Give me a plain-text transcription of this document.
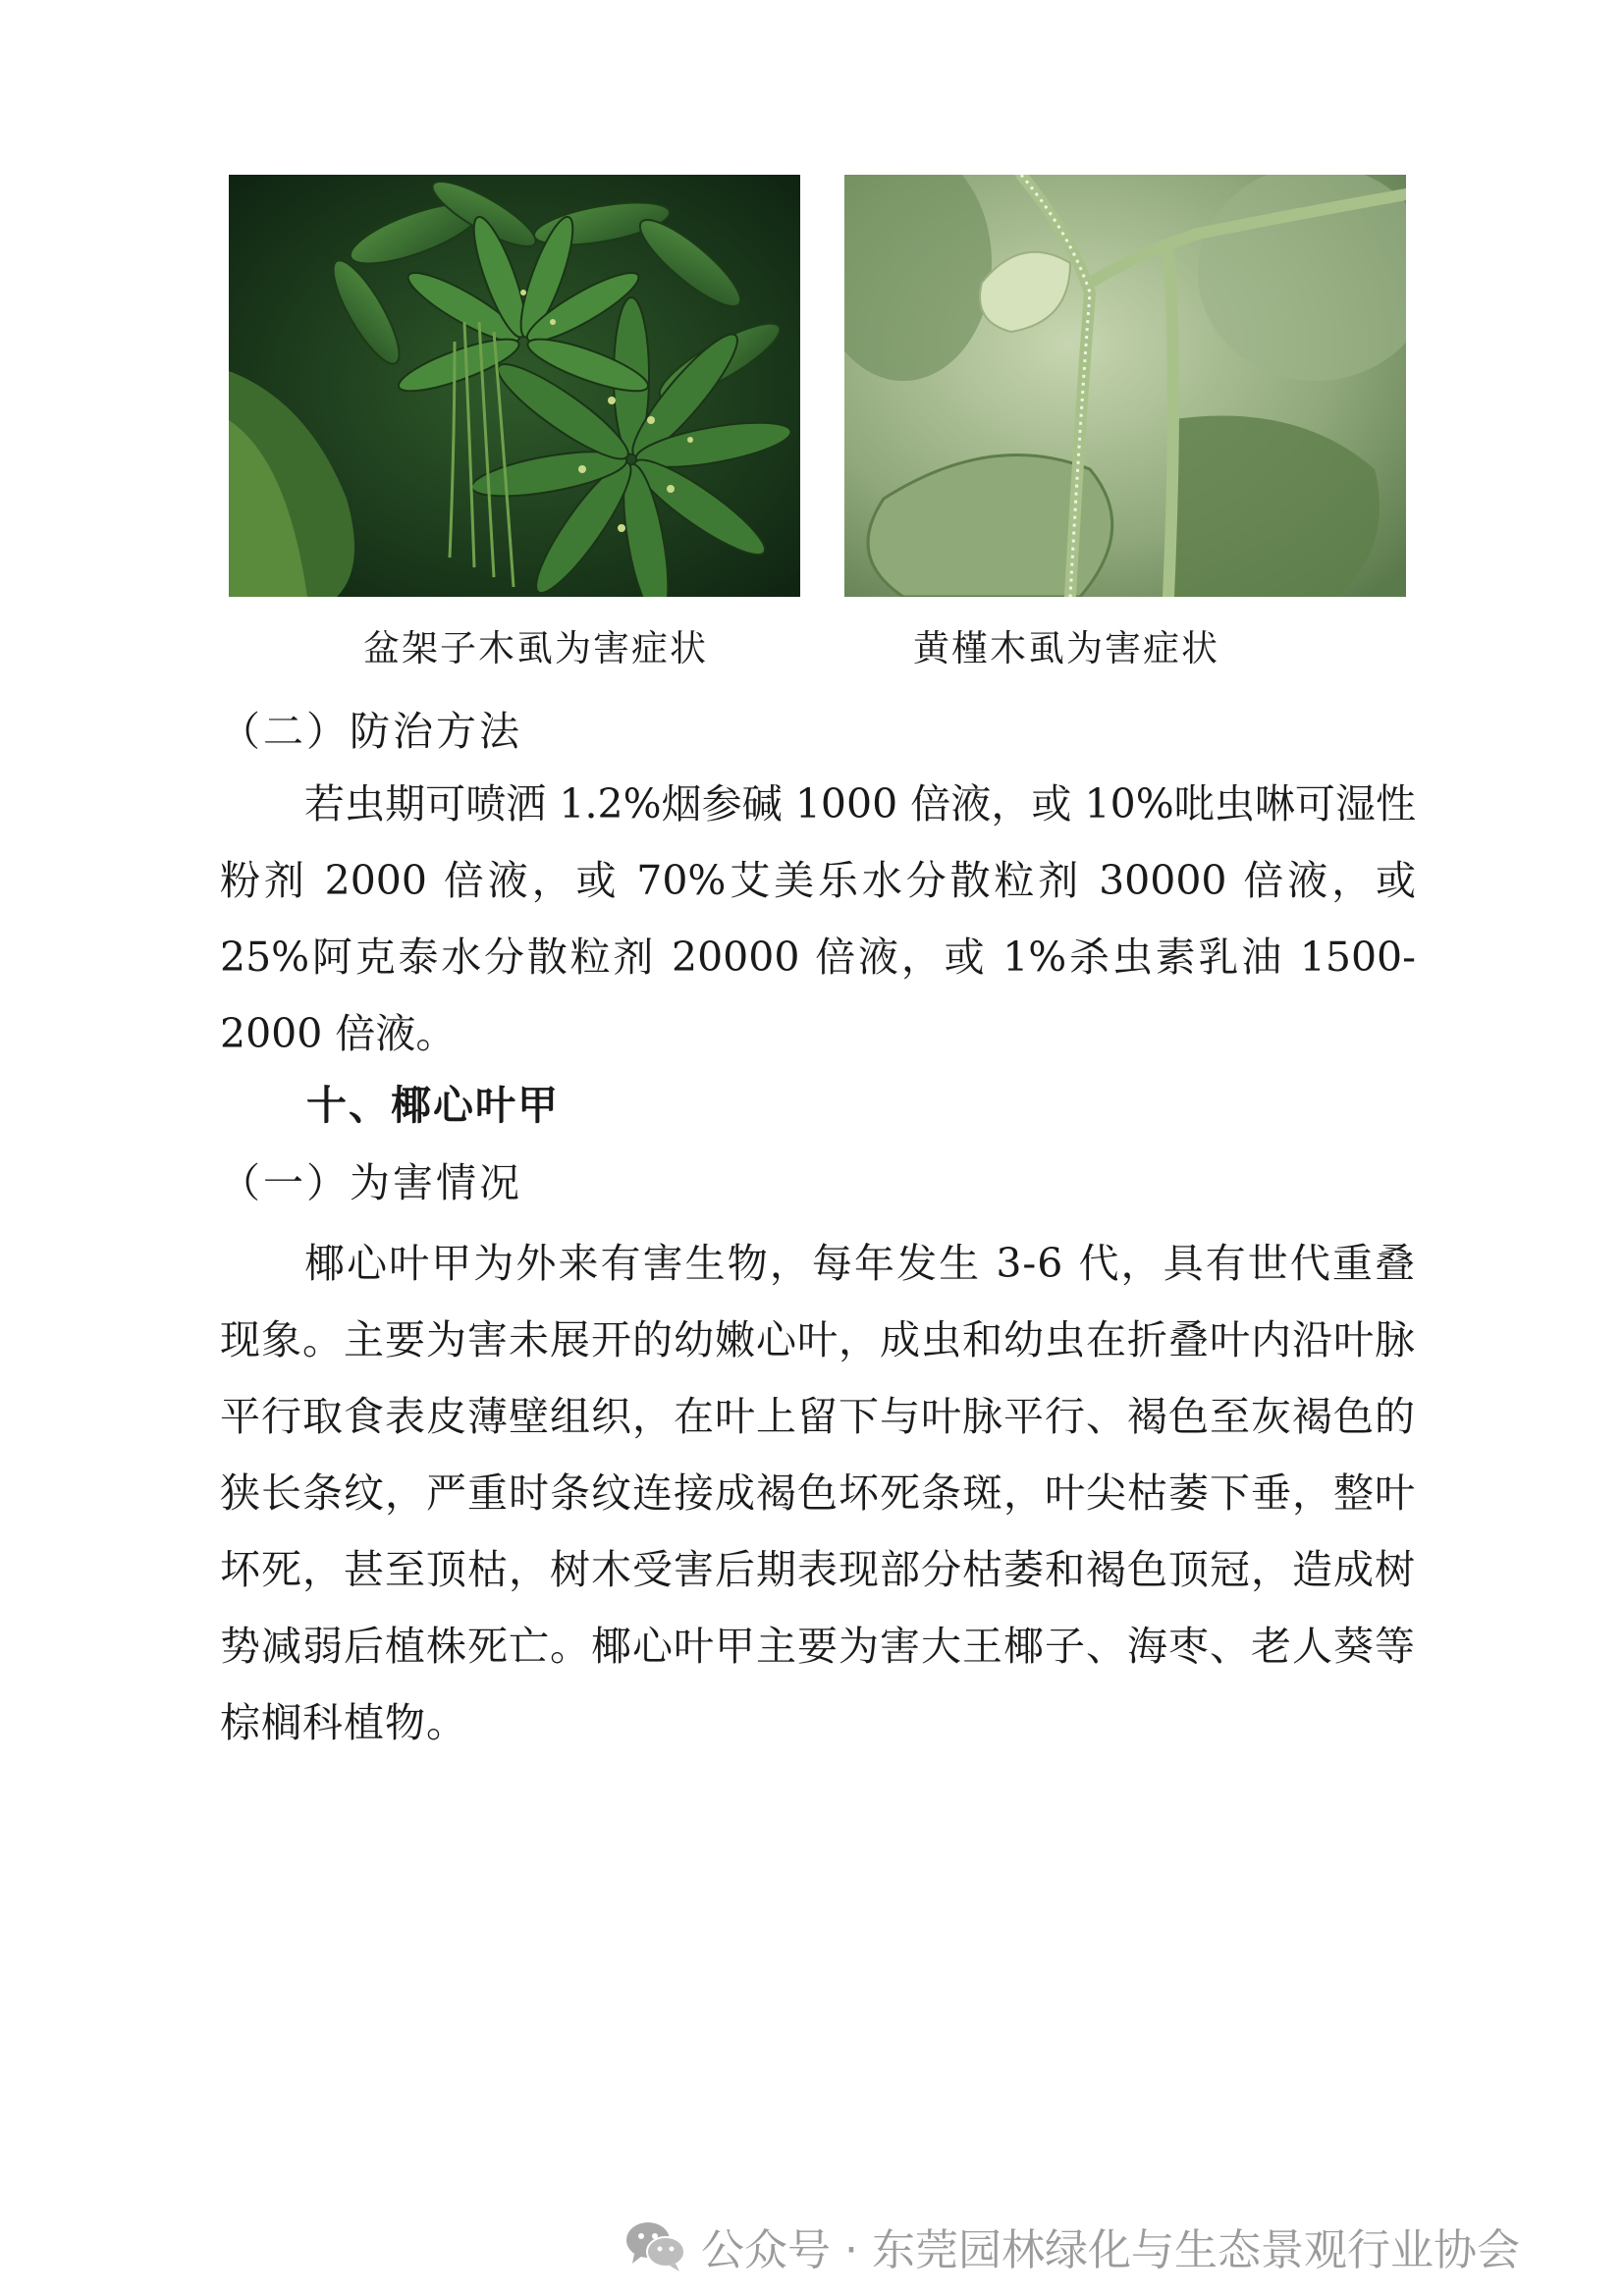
盆架子木虱为害症状	黄槿木虱为害症状
（二）防治方法
若虫期可喷洒 1.2%烟参碱 1000 倍液，或 10%吡虫啉可湿性粉剂 2000 倍液，或 70%艾美乐水分散粒剂 30000 倍液，或 25%阿克泰水分散粒剂 20000 倍液，或 1%杀虫素乳油 1500-2000 倍液。
十、椰心叶甲
（一）为害情况
椰心叶甲为外来有害生物，每年发生 3-6 代，具有世代重叠现象。主要为害未展开的幼嫩心叶，成虫和幼虫在折叠叶内沿叶脉平行取食表皮薄壁组织，在叶上留下与叶脉平行、褐色至灰褐色的狭长条纹，严重时条纹连接成褐色坏死条斑，叶尖枯萎下垂，整叶坏死，甚至顶枯，树木受害后期表现部分枯萎和褐色顶冠，造成树势减弱后植株死亡。椰心叶甲主要为害大王椰子、海枣、老人葵等棕榈科植物。
公众号 · 东莞园林绿化与生态景观行业协会
